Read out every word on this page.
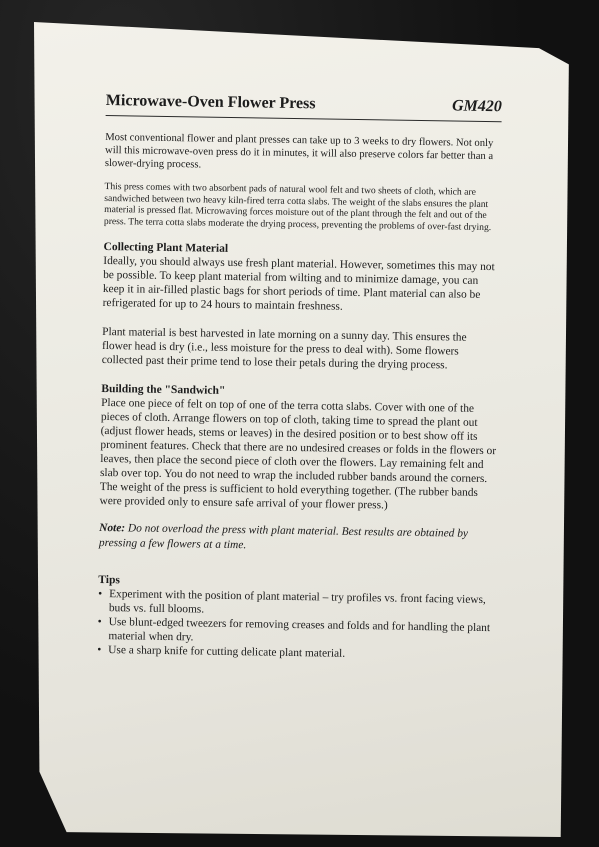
Microwave-Oven Flower Press	GM420

Most conventional flower and plant presses can take up to 3 weeks to dry flowers. Not only will this microwave-oven press do it in minutes, it will also preserve colors far better than a slower-drying process.

This press comes with two absorbent pads of natural wool felt and two sheets of cloth, which are sandwiched between two heavy kiln-fired terra cotta slabs. The weight of the slabs ensures the plant material is pressed flat. Microwaving forces moisture out of the plant through the felt and out of the press. The terra cotta slabs moderate the drying process, preventing the problems of over-fast drying.

Collecting Plant Material

Ideally, you should always use fresh plant material. However, sometimes this may not be possible. To keep plant material from wilting and to minimize damage, you can keep it in air-filled plastic bags for short periods of time. Plant material can also be refrigerated for up to 24 hours to maintain freshness.

Plant material is best harvested in late morning on a sunny day. This ensures the flower head is dry (i.e., less moisture for the press to deal with). Some flowers collected past their prime tend to lose their petals during the drying process.

Building the "Sandwich"

Place one piece of felt on top of one of the terra cotta slabs. Cover with one of the pieces of cloth. Arrange flowers on top of cloth, taking time to spread the plant out (adjust flower heads, stems or leaves) in the desired position or to best show off its prominent features. Check that there are no undesired creases or folds in the flowers or leaves, then place the second piece of cloth over the flowers. Lay remaining felt and slab over top. You do not need to wrap the included rubber bands around the corners. The weight of the press is sufficient to hold everything together. (The rubber bands were provided only to ensure safe arrival of your flower press.)

Note: Do not overload the press with plant material. Best results are obtained by pressing a few flowers at a time.

Tips
• Experiment with the position of plant material – try profiles vs. front facing views, buds vs. full blooms.
• Use blunt-edged tweezers for removing creases and folds and for handling the plant material when dry.
• Use a sharp knife for cutting delicate plant material.
